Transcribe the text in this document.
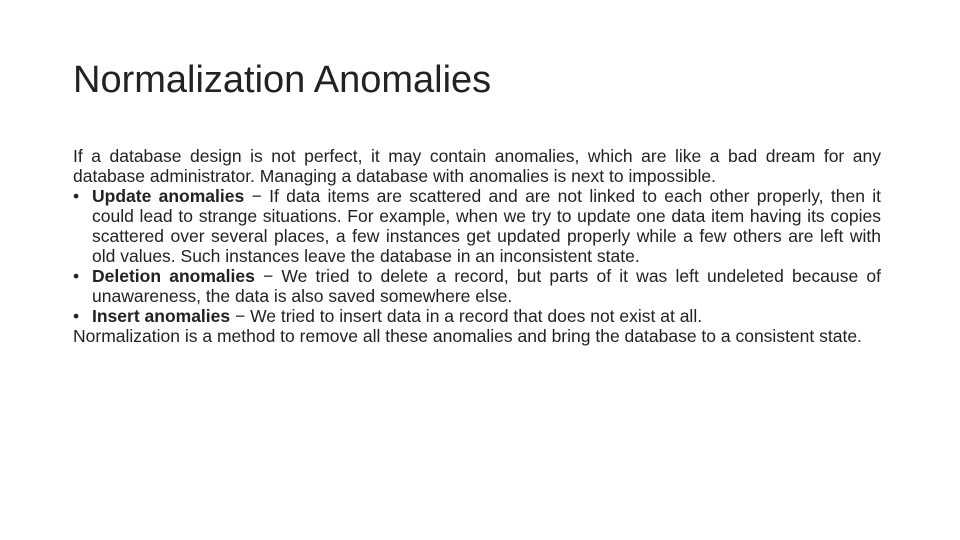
Normalization Anomalies

If a database design is not perfect, it may contain anomalies, which are like a bad dream for any database administrator. Managing a database with anomalies is next to impossible.

• Update anomalies − If data items are scattered and are not linked to each other properly, then it could lead to strange situations. For example, when we try to update one data item having its copies scattered over several places, a few instances get updated properly while a few others are left with old values. Such instances leave the database in an inconsistent state.

• Deletion anomalies − We tried to delete a record, but parts of it was left undeleted because of unawareness, the data is also saved somewhere else.

• Insert anomalies − We tried to insert data in a record that does not exist at all.

Normalization is a method to remove all these anomalies and bring the database to a consistent state.
